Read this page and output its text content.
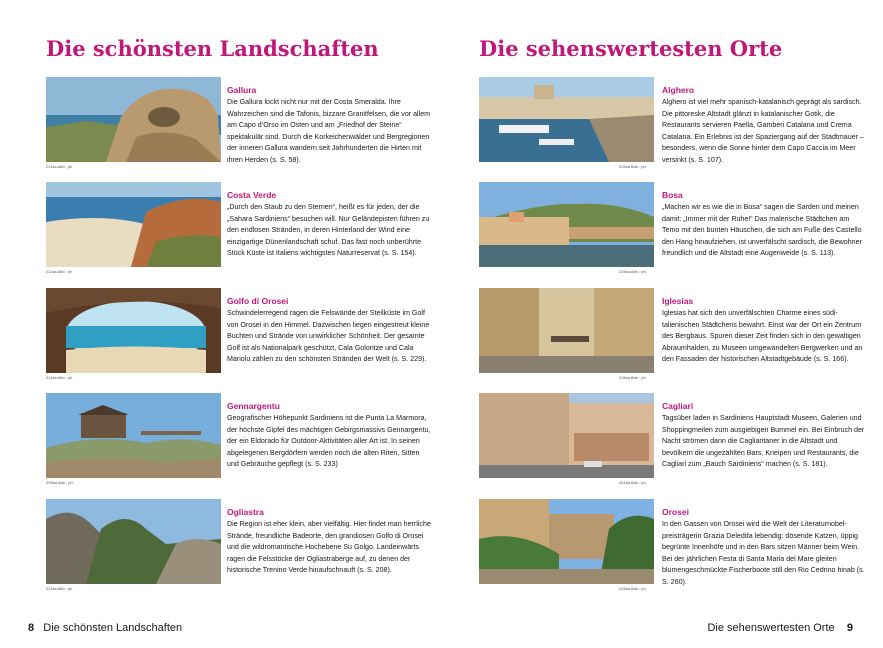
Die schönsten Landschaften
211sa Abb.: ph
Gallura
Die Gallura lockt nicht nur mit der Costa Smeralda. Ihre Wahrzeichen sind die Tafonis, bizzare Granitfelsen, die vor allem am Capo d’Orso im Osten und am „Friedhof der Steine“ spektakulär sind. Durch die Korkeichenwälder und Bergregionen der inneren Gallura wandern seit Jahrhunderten die Hirten mit ihren Herden (s. S. 58).
211sa Abb.: ph
Costa Verde
„Durch den Staub zu den Sternen“, heißt es für jeden, der die „Sahara Sardiniens“ besuchen will. Nur Geländepisten führen zu den endlosen Stränden, in deren Hinterland der Wind eine einzigartige Dünenlandschaft schuf. Das fast noch unberührte Stück Küste ist Italiens wichtigstes Naturreservat (s. S. 154).
211sa Abb.: ph
Golfo di Orosei
Schwindelerregend ragen die Felswände der Steilküste im Golf von Orosei in den Himmel. Dazwischen liegen eingestreut kleine Buchten und Strände von unwirklicher Schönheit. Der gesamte Golf ist als Nationalpark geschützt, Cala Goloritze und Cala Mariolu zählen zu den schönsten Stränden der Welt (s. S. 229).
209sa Abb.: ph
Gennargentu
Geografischer Höhepunkt Sardiniens ist die Punta La Marmora, der höchste Gipfel des mächtigen Gebirgsmassivs Gennargentu, der ein Eldorado für Outdoor-Aktivitäten aller Art ist. In seinen abgelegenen Bergdörfern werden noch die alten Riten, Sitten und Gebräuche gepflegt (s. S. 233)
211sa Abb.: ph
Ogliastra
Die Region ist eher klein, aber vielfältig. Hier findet man herrliche Strände, freundliche Badeorte, den grandiosen Golfo di Orosei und die wildromantische Hochebene Su Golgo. Landeinwärts ragen die Felsstöcke der Ogliastraberge auf, zu denen der historische Trenino Verde hinaufschnauft (s. S. 208).
8 Die schönsten Landschaften
Die sehenswertesten Orte
225sa Abb.: ph
Alghero
Alghero ist viel mehr spanisch-katalanisch geprägt als sardisch. Die pittoreske Altstadt glänzt in katalanischer Gotik, die Restaurants servieren Paella, Gamberi Catalana und Crema Catalana. Ein Erlebnis ist der Spaziergang auf der Stadtmauer – besonders, wenn die Sonne hinter dem Capo Caccia im Meer versinkt (s. S. 107).
225sa Abb.: ph
Bosa
„Machen wir es wie die in Bosa“ sagen die Sarden und meinen damit: „Immer mit der Ruhe!“ Das malerische Städtchen am Temo mit den bunten Häuschen, die sich am Fuße des Castello den Hang hinaufziehen, ist unverfälscht sardisch, die Bewohner freundlich und die Altstadt eine Augenweide (s. S. 113).
226sa Abb.: ph
Iglesias
Iglesias hat sich den unverfälschten Charme eines südi-talienischen Städtchens bewahrt. Einst war der Ort ein Zentrum des Bergbaus. Spuren dieser Zeit finden sich in den gewaltigen Abraumhalden, zu Museen umgewandelten Bergwerken und an den Fassaden der historischen Altstadtgebäude (s. S. 166).
401sa Abb.: ph
Cagliari
Tagsüber laden in Sardiniens Hauptstadt Museen, Galerien und Shoppingmeilen zum ausgiebigen Bummel ein. Bei Einbruch der Nacht strömen dann die Cagliaritaner in die Altstadt und bevölkern die ungezählten Bars, Kneipen und Restaurants, die Cagliari zum „Bauch Sardiniens“ machen (s. S. 181).
225sa Abb.: ph
Orosei
In den Gassen von Orosei wird die Welt der Literaturnobel-preisträgerin Grazia Deledda lebendig: dösende Katzen, üppig begrünte Innenhöfe und in den Bars sitzen Männer beim Wein. Bei der jährlichen Festa di Santa Maria del Mare gleiten blumengeschmückte Fischerboote still den Rio Cedrino hinab (s. S. 260).
Die sehenswertesten Orte 9
